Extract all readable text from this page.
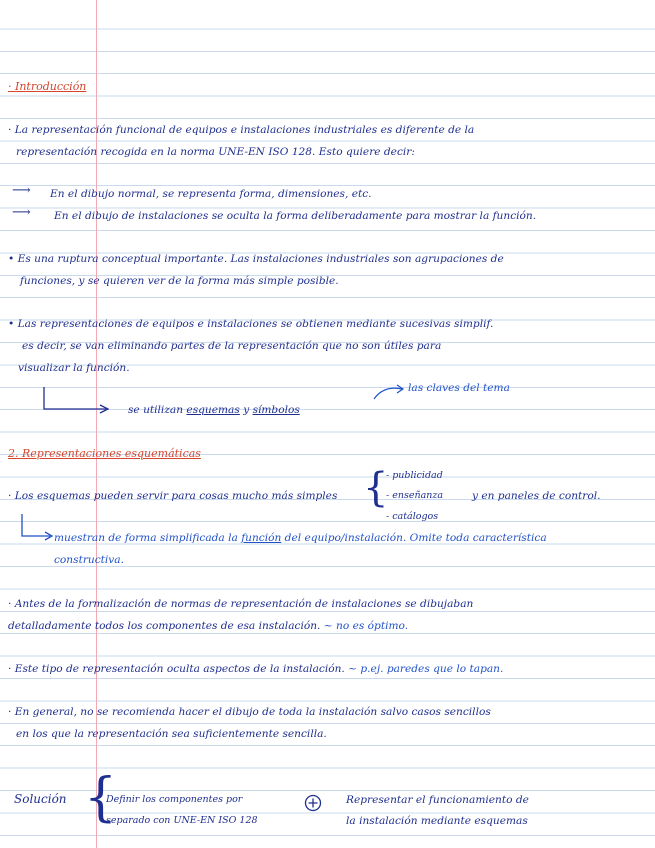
· Introducción
· La representación funcional de equipos e instalaciones industriales es diferente de la
representación recogida en la norma UNE-EN ISO 128. Esto quiere decir:
⟶ En el dibujo normal, se representa forma, dimensiones, etc.
⟶ En el dibujo de instalaciones se oculta la forma deliberadamente para mostrar la función.
• Es una ruptura conceptual importante. Las instalaciones industriales son agrupaciones de
funciones, y se quieren ver de la forma más simple posible.
• Las representaciones de equipos e instalaciones se obtienen mediante sucesivas simplif.
es decir, se van eliminando partes de la representación que no son útiles para
visualizar la función.
se utilizan esquemas y símbolos
las claves del tema
2. Representaciones esquemáticas
· Los esquemas pueden servir para cosas mucho más simples {
- publicidad
- enseñanza
- catálogos
y en paneles de control.
muestran de forma simplificada la función del equipo/instalación. Omite toda característica
constructiva.
· Antes de la formalización de normas de representación de instalaciones se dibujaban
detalladamente todos los componentes de esa instalación. ~ no es óptimo.
· Este tipo de representación oculta aspectos de la instalación. ~ p.ej. paredes que lo tapan.
· En general, no se recomienda hacer el dibujo de toda la instalación salvo casos sencillos
en los que la representación sea suficientemente sencilla.
Solución {
Definir los componentes por
separado con UNE-EN ISO 128
Representar el funcionamiento de
la instalación mediante esquemas
